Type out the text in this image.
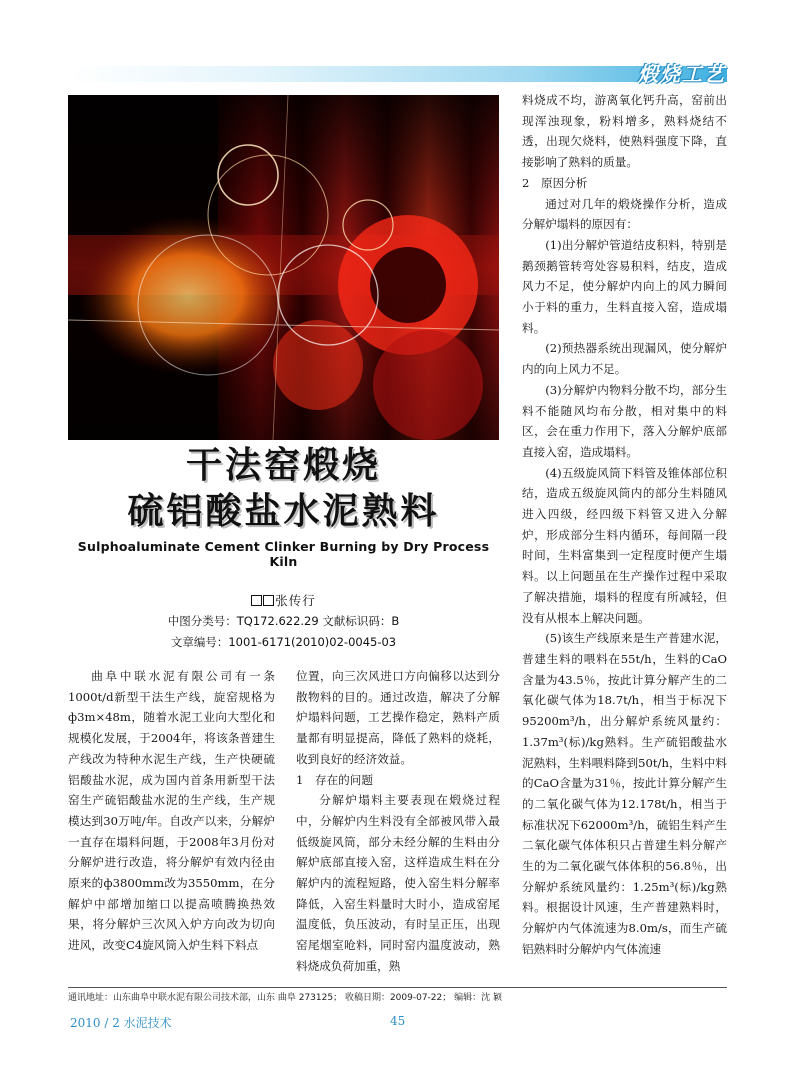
煅烧工艺
干法窑煅烧
硫铝酸盐水泥熟料
Sulphoaluminate Cement Clinker Burning by Dry Process Kiln
张传行
中图分类号：TQ172.622.29 文献标识码：B
文章编号：1001-6171(2010)02-0045-03

曲阜中联水泥有限公司有一条1000t/d新型干法生产线，旋窑规格为ф3m×48m，随着水泥工业向大型化和规模化发展，于2004年，将该条普建生产线改为特种水泥生产线，生产快硬硫铝酸盐水泥，成为国内首条用新型干法窑生产硫铝酸盐水泥的生产线，生产规模达到30万吨/年。自改产以来，分解炉一直存在塌料问题，于2008年3月份对分解炉进行改造，将分解炉有效内径由原来的ф3800mm改为3550mm，在分解炉中部增加缩口以提高喷腾换热效果，将分解炉三次风入炉方向改为切向进风，改变C4旋风筒入炉生料下料点

位置，向三次风进口方向偏移以达到分散物料的目的。通过改造，解决了分解炉塌料问题，工艺操作稳定，熟料产质量都有明显提高，降低了熟料的烧耗，收到良好的经济效益。

1　存在的问题

分解炉塌料主要表现在煅烧过程中，分解炉内生料没有全部被风带入最低级旋风筒，部分未经分解的生料由分解炉底部直接入窑，这样造成生料在分解炉内的流程短路，使入窑生料分解率降低，入窑生料量时大时小，造成窑尾温度低，负压波动，有时呈正压，出现窑尾烟室呛料，同时窑内温度波动，熟料烧成负荷加重，熟

料烧成不均，游离氧化钙升高，窑前出现浑浊现象，粉料增多，熟料烧结不透，出现欠烧料，使熟料强度下降，直接影响了熟料的质量。

2　原因分析

通过对几年的煅烧操作分析，造成分解炉塌料的原因有：

(1)出分解炉管道结皮积料，特别是鹅颈鹅管转弯处容易积料，结皮，造成风力不足，使分解炉内向上的风力瞬间小于料的重力，生料直接入窑，造成塌料。

(2)预热器系统出现漏风，使分解炉内的向上风力不足。

(3)分解炉内物料分散不均，部分生料不能随风均布分散，相对集中的料区，会在重力作用下，落入分解炉底部直接入窑，造成塌料。

(4)五级旋风筒下料管及锥体部位积结，造成五级旋风筒内的部分生料随风进入四级，经四级下料管又进入分解炉，形成部分生料内循环，每间隔一段时间，生料富集到一定程度时便产生塌料。以上问题虽在生产操作过程中采取了解决措施，塌料的程度有所减轻，但没有从根本上解决问题。

(5)该生产线原来是生产普建水泥，普建生料的喂料在55t/h，生料的CaO含量为43.5％，按此计算分解产生的二氧化碳气体为18.7t/h，相当于标况下95200m³/h，出分解炉系统风量约：1.37m³(标)/kg熟料。生产硫铝酸盐水泥熟料，生料喂料降到50t/h，生料中料的CaO含量为31％，按此计算分解产生的二氧化碳气体为12.178t/h，相当于标准状况下62000m³/h，硫铝生料产生二氧化碳气体体积只占普建生料分解产生的为二氧化碳气体体积的56.8％，出分解炉系统风量约：1.25m³(标)/kg熟料。根据设计风速，生产普建熟料时，分解炉内气体流速为8.0m/s，而生产硫铝熟料时分解炉内气体流速

通讯地址：山东曲阜中联水泥有限公司技术部，山东 曲阜 273125； 收稿日期：2009-07-22； 编辑：沈 颖
2010 / 2 水泥技术	45
